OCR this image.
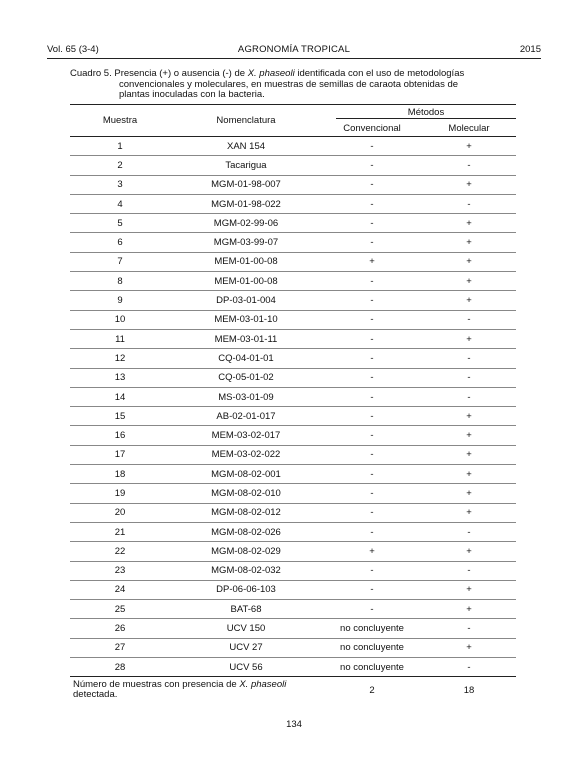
Vol. 65 (3-4)	AGRONOMÍA TROPICAL	2015
Cuadro 5. Presencia (+) o ausencia (-) de X. phaseoli identificada con el uso de metodologías
convencionales y moleculares, en muestras de semillas de caraota obtenidas de
plantas inoculadas con la bacteria.
Muestra	Nomenclatura	Métodos	

		Convencional	Molecular
1	XAN 154	-	+
2	Tacarigua	-	-
3	MGM-01-98-007	-	+
4	MGM-01-98-022	-	-
5	MGM-02-99-06	-	+
6	MGM-03-99-07	-	+
7	MEM-01-00-08	+	+
8	MEM-01-00-08	-	+
9	DP-03-01-004	-	+
10	MEM-03-01-10	-	-
11	MEM-03-01-11	-	+
12	CQ-04-01-01	-	-
13	CQ-05-01-02	-	-
14	MS-03-01-09	-	-
15	AB-02-01-017	-	+
16	MEM-03-02-017	-	+
17	MEM-03-02-022	-	+
18	MGM-08-02-001	-	+
19	MGM-08-02-010	-	+
20	MGM-08-02-012	-	+
21	MGM-08-02-026	-	-
22	MGM-08-02-029	+	+
23	MGM-08-02-032	-	-
24	DP-06-06-103	-	+
25	BAT-68	-	+
26	UCV 150	no concluyente	-
27	UCV 27	no concluyente	+
28	UCV 56	no concluyente	-
Número de muestras con presencia de X. phaseoli
detectada.		2	18
134
